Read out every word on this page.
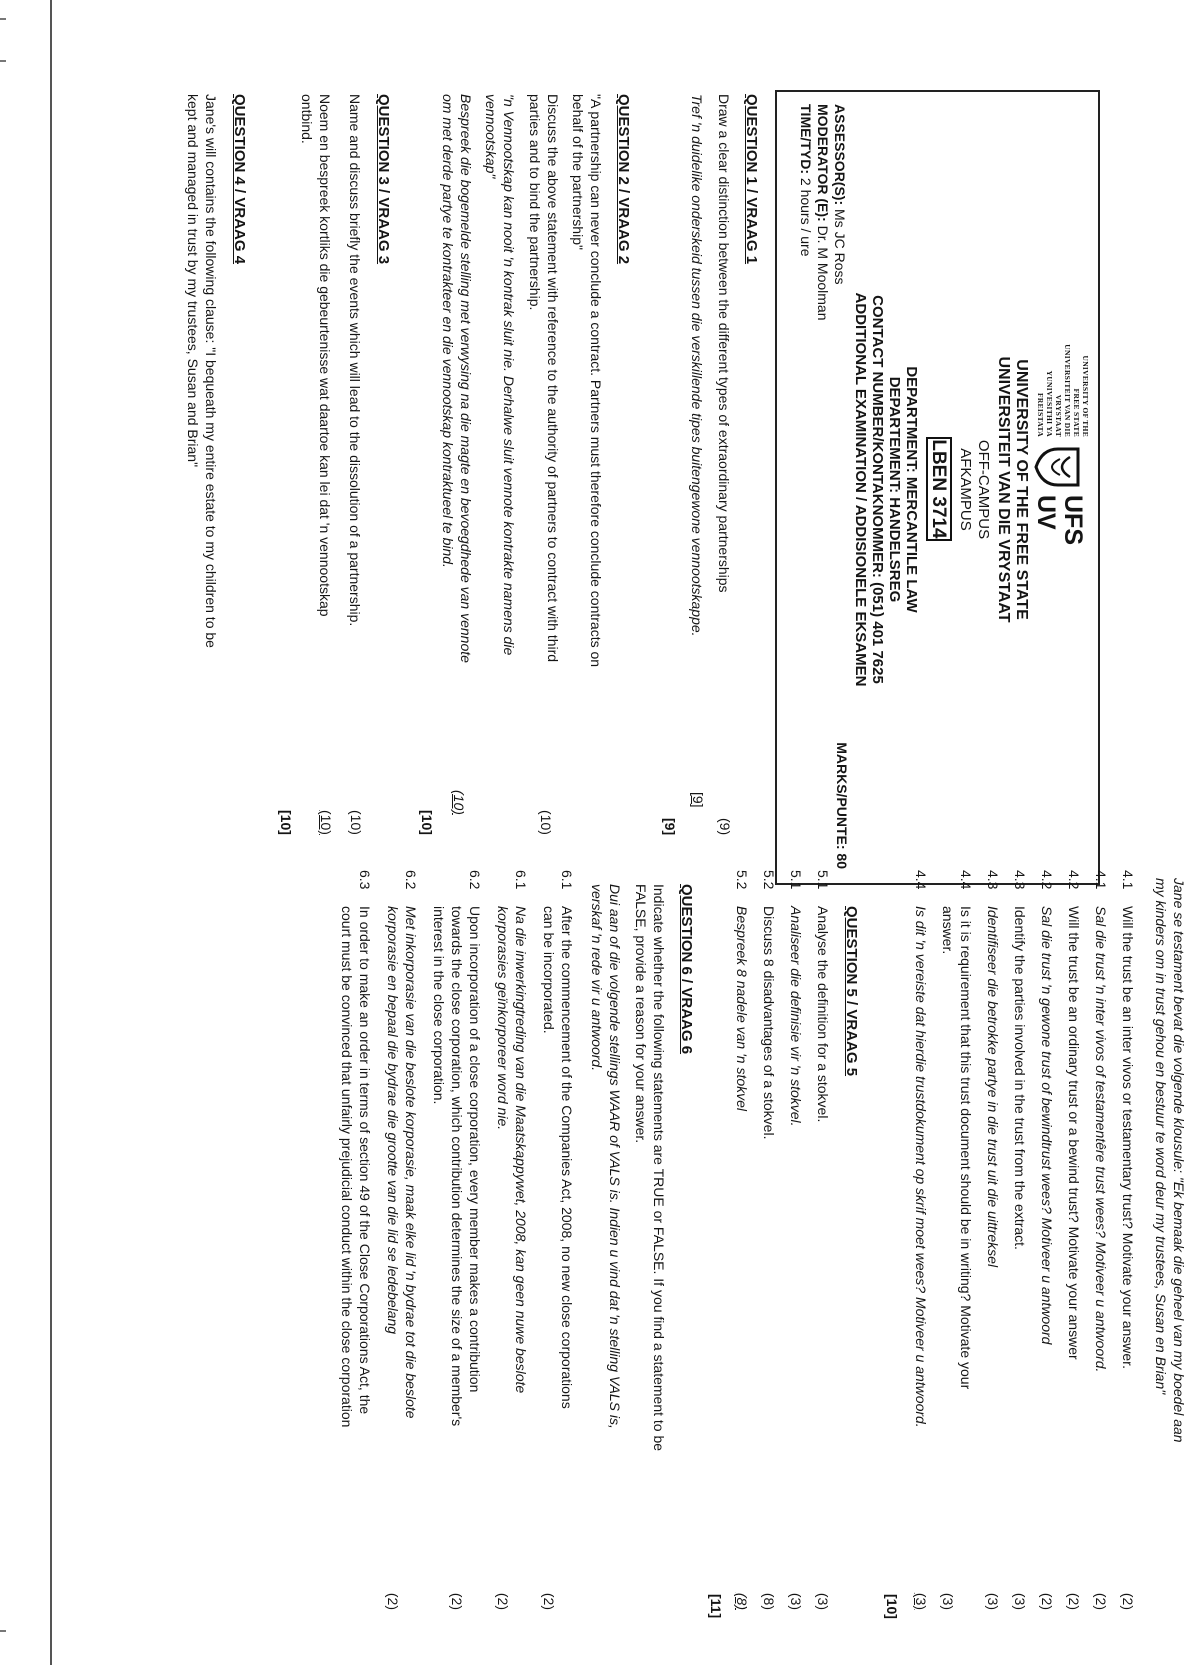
UNIVERSITY OF THE
FREE STATE
UNIVERSITEIT VAN DIE
VRYSTAAT
YUNIVESITHI YA
FREISTATA
UFS
UV
UNIVERSITY OF THE FREE STATE
UNIVERSITEIT VAN DIE VRYSTAAT
OFF-CAMPUS
AFKAMPUS
LBEN 3714
DEPARTMENT: MERCANTILE LAW
DEPARTEMENT: HANDELSREG
CONTACT NUMBER/KONTAKNOMMER: (051) 401 7625
ADDITIONAL EXAMINATION / ADDISIONELE EKSAMEN
ASSESSOR(S): Ms JC Ross
MARKS/PUNTE: 80
MODERATOR (E): Dr. M Moolman
TIME/TYD: 2 hours / ure
QUESTION 1 / VRAAG 1
Draw a clear distinction between the different types of extraordinary partnerships
(9)
Tref 'n duidelike onderskeid tussen die verskillende tipes buitengewone vennootskappe.
[9]
[9]
QUESTION 2 / VRAAG 2
"A partnership can never conclude a contract. Partners must therefore conclude contracts on
behalf of the partnership"
Discuss the above statement with reference to the authority of partners to contract with third
parties and to bind the partnership.
(10)
"n Vennootskap kan nooit 'n kontrak sluit nie. Derhalwe sluit vennote kontrakte namens die
vennootskap"
Bespreek die bogemelde stelling met verwysing na die magte en bevoegdhede van vennote
om met derde partye te kontrakteer en die vennootskap kontraktueel te bind.
(10)
[10]
QUESTION 3 / VRAAG 3
Name and discuss briefly the events which will lead to the dissolution of a partnership.
(10)
Noem en bespreek kortliks die gebeurtenisse wat daartoe kan lei dat 'n vennootskap
ontbind.
(10)
[10]
QUESTION 4 / VRAAG 4
Jane's will contains the following clause: "I bequeath my entire estate to my children to be
kept and managed in trust by my trustees, Susan and Brian"
Jane se testament bevat die volgende klousule: "Ek bemaak die geheel van my boedel aan
my kinders om in trust gehou en bestuur te word deur my trustees, Susan en Brian"
4.1
Will the trust be an inter vivos or testamentary trust? Motivate your answer.
(2)
4.1
Sal die trust 'n inter vivos of testamentêre trust wees? Motiveer u antwoord.
(2)
4.2
Will the trust be an ordinary trust or a bewind trust? Motivate your answer
(2)
4.2
Sal die trust 'n gewone trust of bewindtrust wees? Motiveer u antwoord
(2)
4.3
Identify the parties involved in the trust from the extract.
(3)
4.3
Identifiseer die betrokke partye in die trust uit die uittreksel
(3)
4.4
Is it is requirement that this trust document should be in writing? Motivate your
answer.
(3)
4.4
Is dit 'n vereiste dat hierdie trustdokument op skrif moet wees? Motiveer u antwoord.
(3)
[10]
QUESTION 5 / VRAAG 5
5.1
Analyse the definition for a stokvel.
(3)
5.1
Analiseer die definisie vir 'n stokvel.
(3)
5.2
Discuss 8 disadvantages of a stokvel.
(8)
5.2
Bespreek 8 nadele van 'n stokvel
(8)
[11]
QUESTION 6 / VRAAG 6
Indicate whether the following statements are TRUE or FALSE. If you find a statement to be
FALSE, provide a reason for your answer.
Dui aan of die volgende stellings WAAR of VALS is. Indien u vind dat 'n stelling VALS is,
verskaf 'n rede vir u antwoord.
6.1
After the commencement of the Companies Act, 2008, no new close corporations
can be incorporated.
(2)
6.1
Na die inwerkingtreding van die Maatskappywet, 2008, kan geen nuwe beslote
korporasies geïnkorporeer word nie.
(2)
6.2
Upon incorporation of a close corporation, every member makes a contribution
towards the close corporation, which contribution determines the size of a member's
interest in the close corporation.
(2)
6.2
Met inkorporasie van die beslote korporasie, maak elke lid 'n bydrae tot die beslote
korporasie en bepaal die bydrae die grootte van die lid se ledebelang
(2)
6.3
In order to make an order in terms of section 49 of the Close Corporations Act, the
court must be convinced that unfairly prejudicial conduct within the close corporation
